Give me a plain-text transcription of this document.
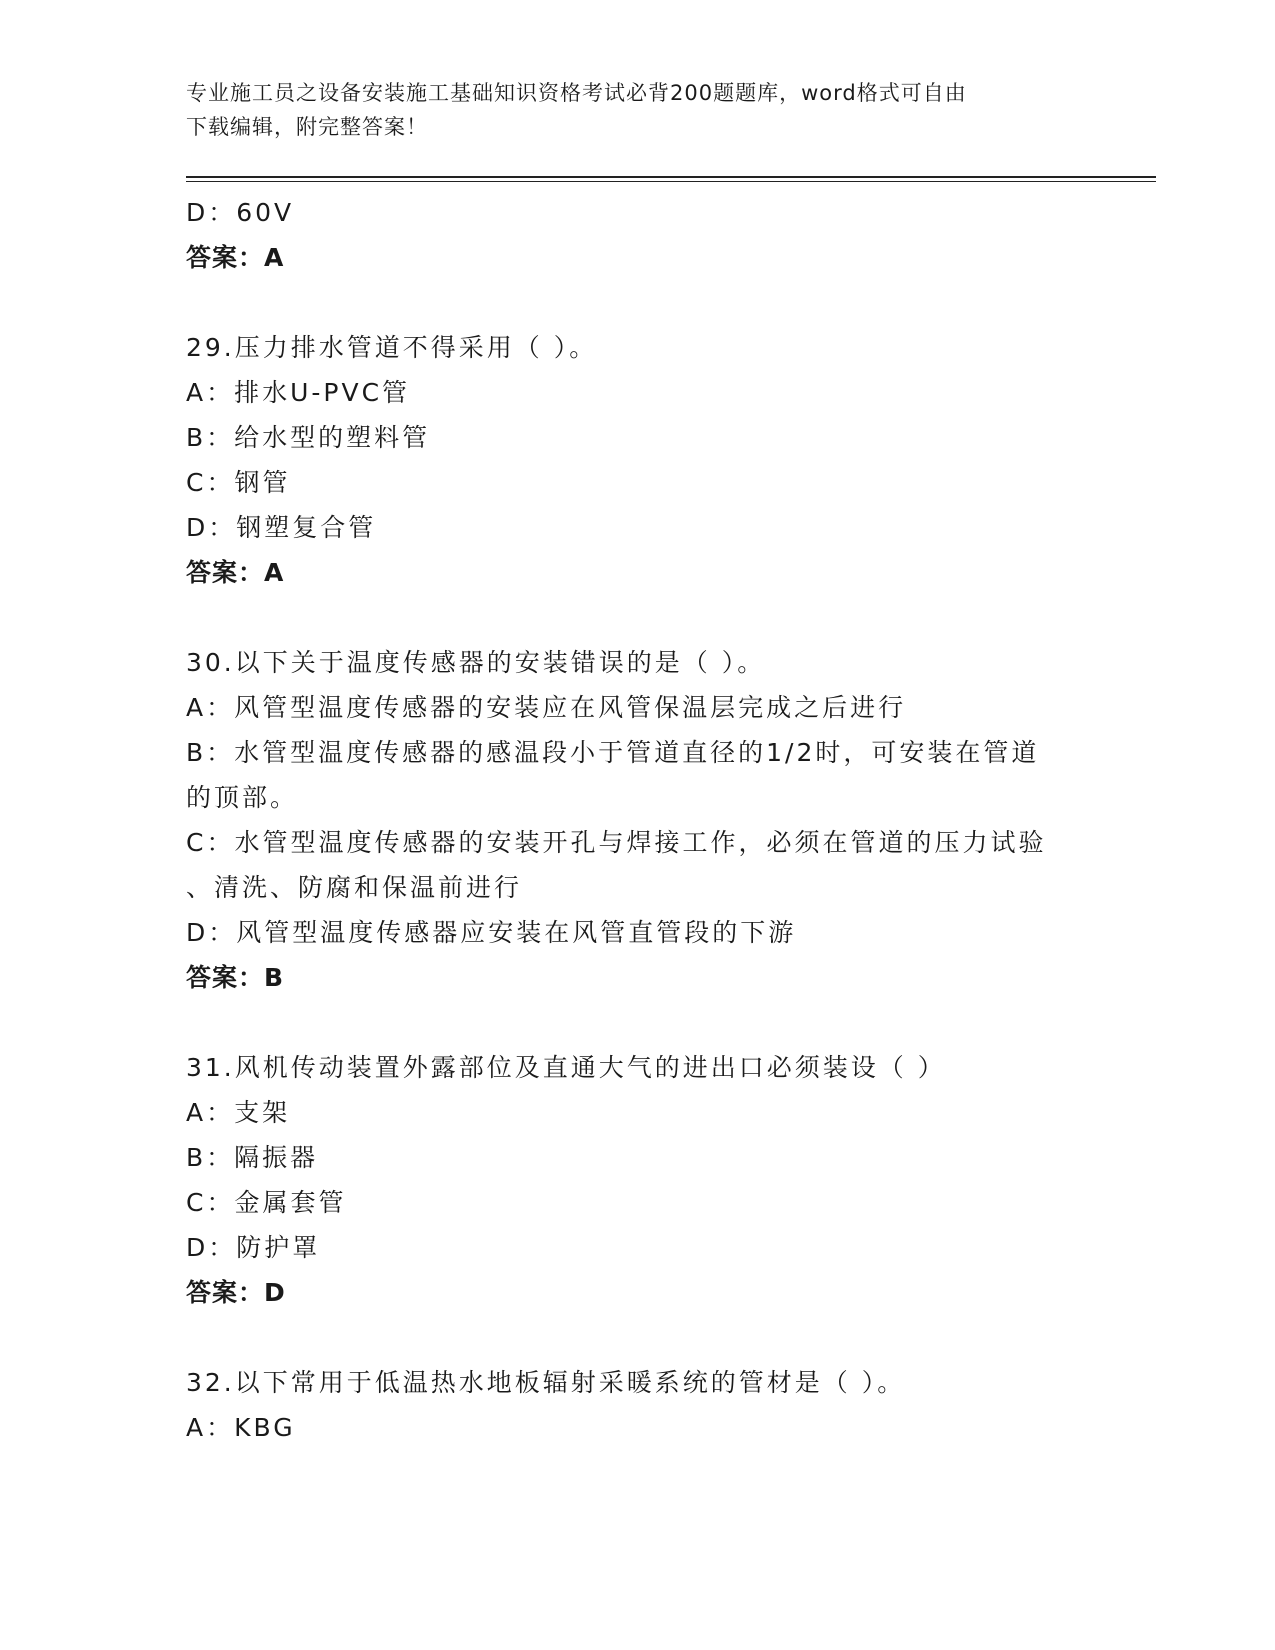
专业施工员之设备安装施工基础知识资格考试必背200题题库，word格式可自由
下载编辑，附完整答案！
D：60V
答案：A
29.压力排水管道不得采用（ ）。
A：排水U-PVC管
B：给水型的塑料管
C：钢管
D：钢塑复合管
答案：A
30.以下关于温度传感器的安装错误的是（ ）。
A：风管型温度传感器的安装应在风管保温层完成之后进行
B：水管型温度传感器的感温段小于管道直径的1/2时，可安装在管道
的顶部。
C：水管型温度传感器的安装开孔与焊接工作，必须在管道的压力试验
、清洗、防腐和保温前进行
D：风管型温度传感器应安装在风管直管段的下游
答案：B
31.风机传动装置外露部位及直通大气的进出口必须装设（ ）
A：支架
B：隔振器
C：金属套管
D：防护罩
答案：D
32.以下常用于低温热水地板辐射采暖系统的管材是（ ）。
A：KBG
